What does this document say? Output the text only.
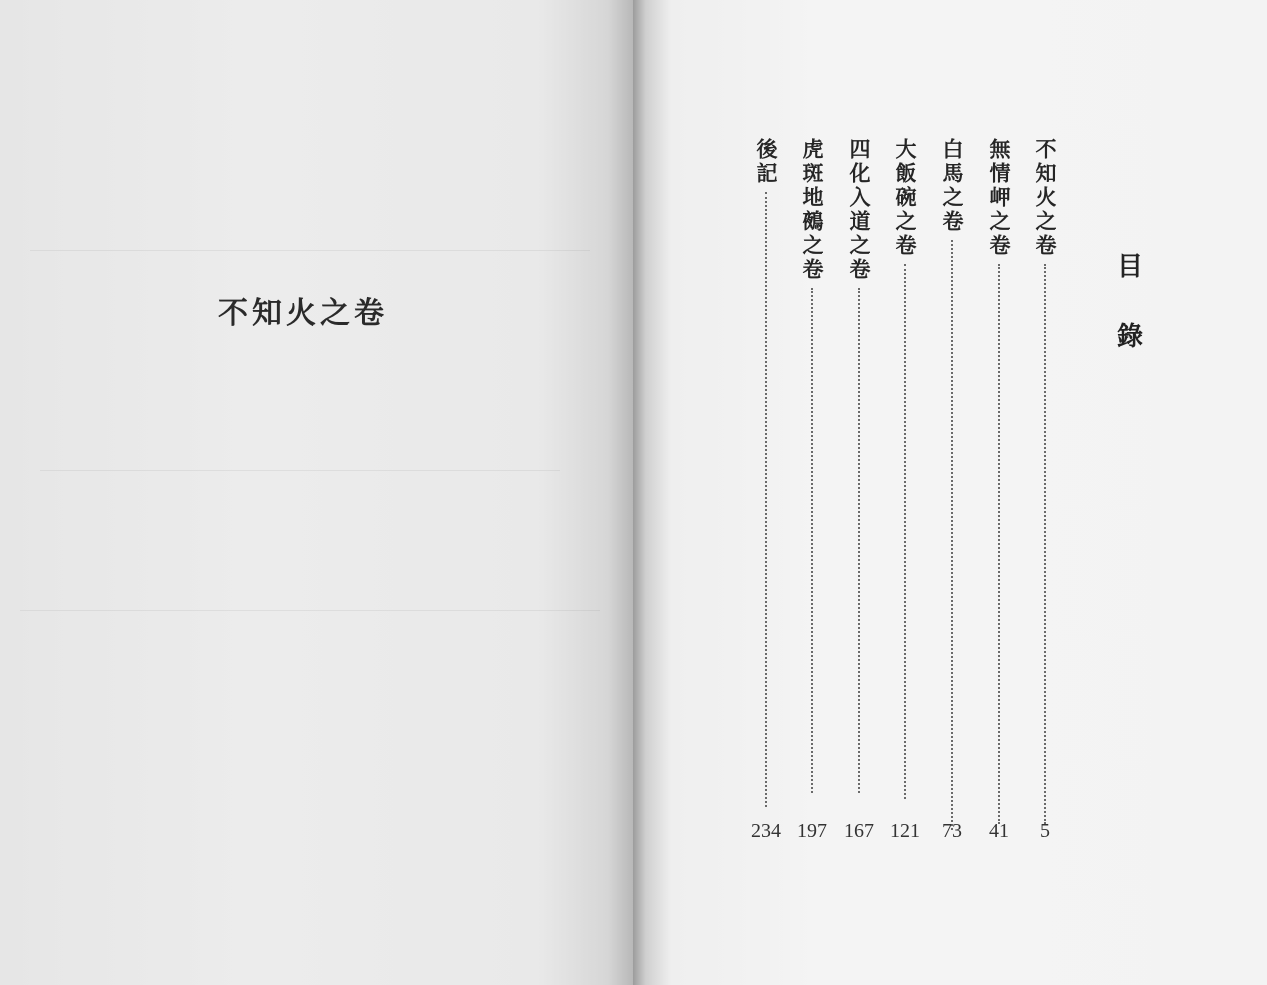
不知火之卷
目
錄
不知火之卷
無情岬之卷
白馬之卷
大飯碗之卷
四化入道之卷
虎斑地鵺之卷
後記
5
41
73
121
167
197
234
